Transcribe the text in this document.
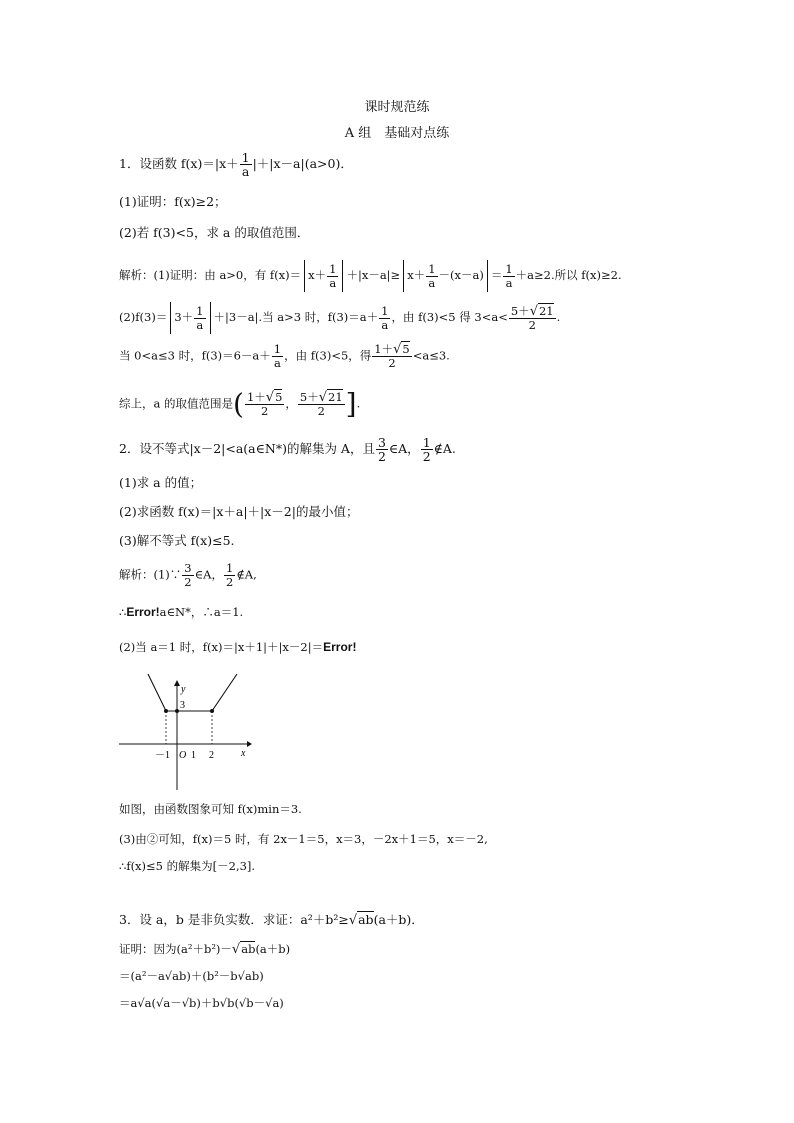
课时规范练
A 组　基础对点练
1．设函数 $f(x)=|x+ \frac{1}{a} |+|x-a|(a>0)$．
(1)证明：f(x)≥2；
(2)若 f(3)<5，求 a 的取值范围．
解析：(1)证明：由 a>0，有 $f(x)= x+ \frac{1}{a} +|x-a|\ge x+ \frac{1}{a} -(x-a) = \frac{1}{a} +a\ge 2$.所以 f(x)≥2.
$(2)f(3)= 3+ \frac{1}{a} +|3-a|$.当 a>3 时，$f(3)=a+ \frac{1}{a}$ ，由 f(3)<5 得 $3<a< \frac{5+√21}{2}$ .
当 0<a≤3 时，$f(3)=6-a+ \frac{1}{a}$ ，由 f(3)<5，得 $\frac{1+√5}{2} <a\le 3$.
综上，a 的取值范围是( $\frac{1+√5}{2}$ ， $\frac{5+√21}{2}$ ].
2．设不等式|x－2|<a(a∈N*)的解集为 A，且 $\frac{3}{2}$ ∈A， $\frac{1}{2}$ ∉A.
(1)求 a 的值；
(2)求函数 f(x)＝|x＋a|＋|x－2|的最小值；
(3)解不等式 f(x)≤5.
解析：(1)∵ $\frac{3}{2}$ ∈A， $\frac{1}{2}$ ∉A,
∴Error!a∈N*，∴a＝1.
(2)当 a＝1 时，f(x)＝|x＋1|＋|x－2|＝Error!
y
x
3
－1 O 1 2
如图，由函数图象可知 f(x)min＝3.
(3)由②可知，f(x)＝5 时，有 2x－1＝5，x＝3，－2x＋1＝5，x＝－2,
∴f(x)≤5 的解集为[－2,3].
3．设 a，b 是非负实数．求证：a²＋b²≥√ab(a＋b)．
证明：因为(a²＋b²)－√ab(a＋b)
＝(a²－a√ab)＋(b²－b√ab)
＝a√a(√a－√b)＋b√b(√b－√a)
